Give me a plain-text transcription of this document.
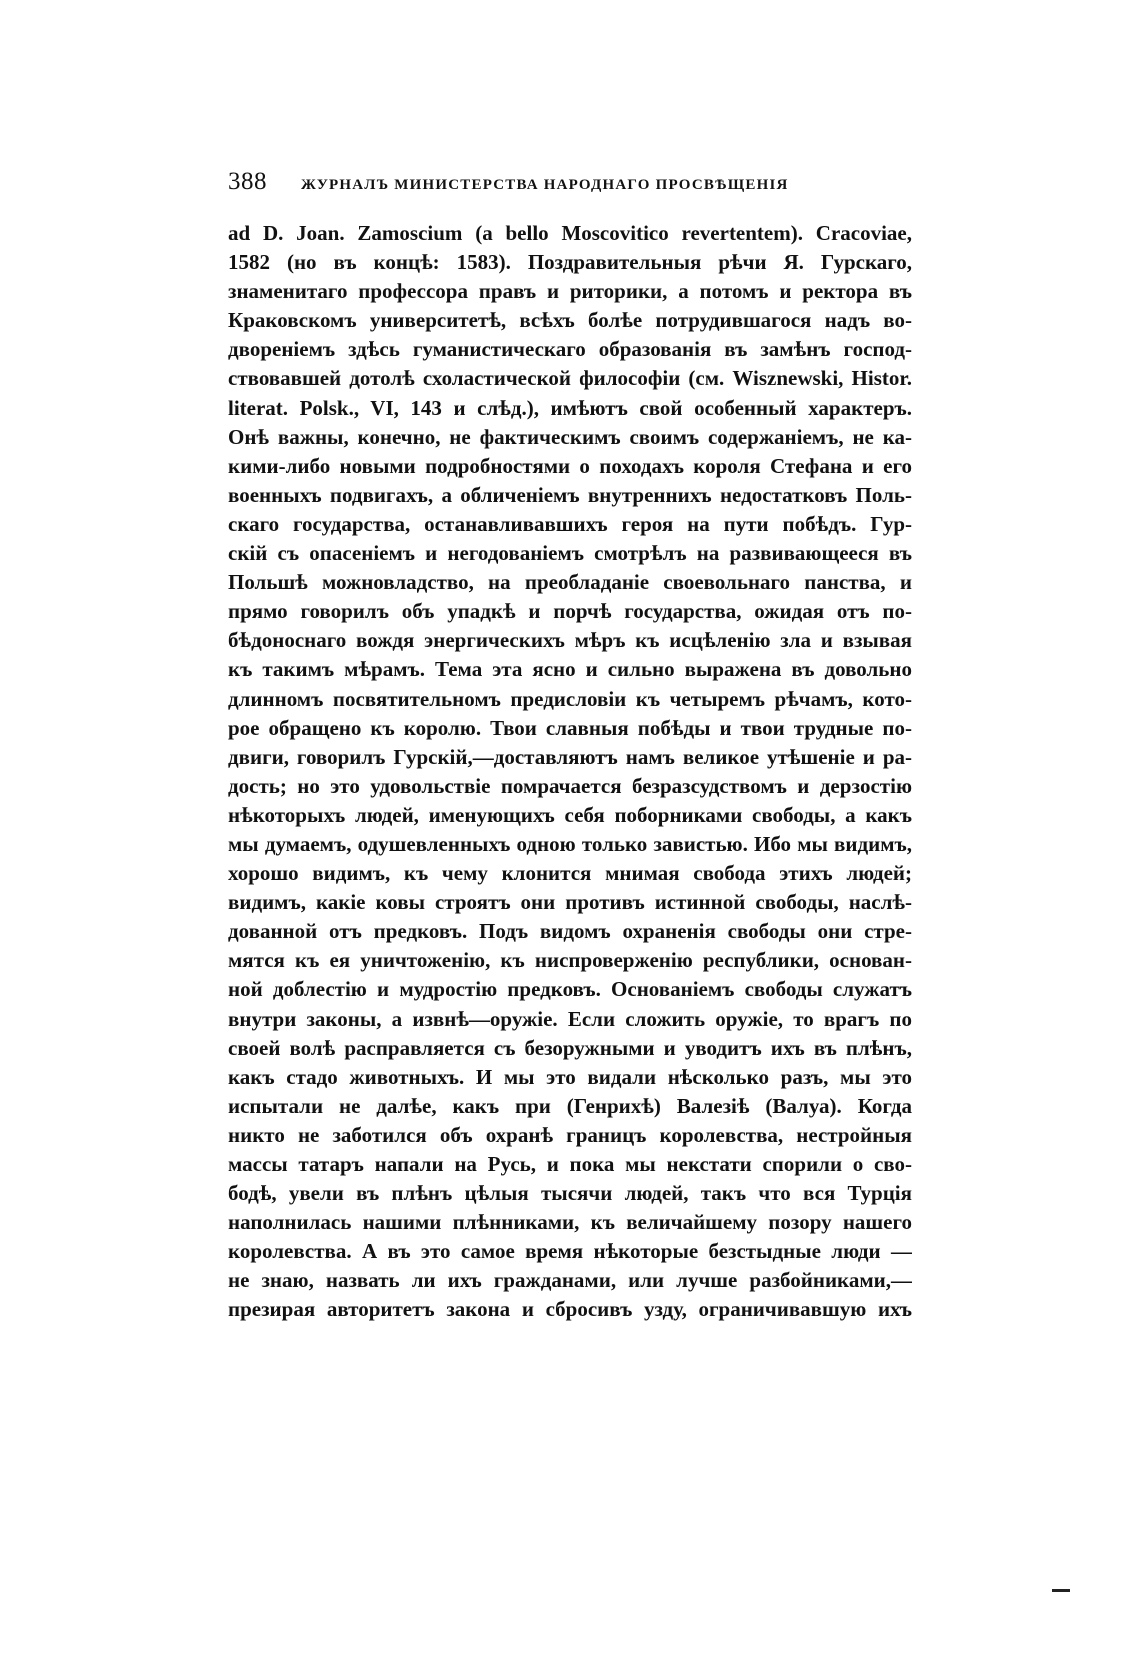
388 ЖУРНАЛЪ МИНИСТЕРСТВА НАРОДНАГО ПРОСВѢЩЕНІЯ
ad D. Joan. Zamoscium (a bello Moscovitico revertentem). Cracoviae,
1582 (но въ концѣ: 1583). Поздравительныя рѣчи Я. Гурскаго,
знаменитаго профессора правъ и риторики, а потомъ и ректора въ
Краковскомъ университетѣ, всѣхъ болѣе потрудившагося надъ во-
двореніемъ здѣсь гуманистическаго образованія въ замѣнъ господ-
ствовавшей дотолѣ схоластической философіи (см. Wisznewski, Histor.
literat. Polsk., VI, 143 и слѣд.), имѣютъ свой особенный характеръ.
Онѣ важны, конечно, не фактическимъ своимъ содержаніемъ, не ка-
кими-либо новыми подробностями о походахъ короля Стефана и его
военныхъ подвигахъ, а обличеніемъ внутреннихъ недостатковъ Поль-
скаго государства, останавливавшихъ героя на пути побѣдъ. Гур-
скій съ опасеніемъ и негодованіемъ смотрѣлъ на развивающееся въ
Польшѣ можновладство, на преобладаніе своевольнаго панства, и
прямо говорилъ объ упадкѣ и порчѣ государства, ожидая отъ по-
бѣдоноснаго вождя энергическихъ мѣръ къ исцѣленію зла и взывая
къ такимъ мѣрамъ. Тема эта ясно и сильно выражена въ довольно
длинномъ посвятительномъ предисловіи къ четыремъ рѣчамъ, кото-
рое обращено къ королю. Твои славныя побѣды и твои трудные по-
двиги, говорилъ Гурскій,—доставляютъ намъ великое утѣшеніе и ра-
дость; но это удовольствіе помрачается безразсудствомъ и дерзостію
нѣкоторыхъ людей, именующихъ себя поборниками свободы, а какъ
мы думаемъ, одушевленныхъ одною только завистью. Ибо мы видимъ,
хорошо видимъ, къ чему клонится мнимая свобода этихъ людей;
видимъ, какіе ковы строятъ они противъ истинной свободы, наслѣ-
дованной отъ предковъ. Подъ видомъ охраненія свободы они стре-
мятся къ ея уничтоженію, къ ниспроверженію республики, основан-
ной доблестію и мудростію предковъ. Основаніемъ свободы служатъ
внутри законы, а извнѣ—оружіе. Если сложить оружіе, то врагъ по
своей волѣ расправляется съ безоружными и уводитъ ихъ въ плѣнъ,
какъ стадо животныхъ. И мы это видали нѣсколько разъ, мы это
испытали не далѣе, какъ при (Генрихѣ) Валезіѣ (Валуа). Когда
никто не заботился объ охранѣ границъ королевства, нестройныя
массы татаръ напали на Русь, и пока мы некстати спорили о сво-
бодѣ, увели въ плѣнъ цѣлыя тысячи людей, такъ что вся Турція
наполнилась нашими плѣнниками, къ величайшему позору нашего
королевства. А въ это самое время нѣкоторые безстыдные люди —
не знаю, назвать ли ихъ гражданами, или лучше разбойниками,—
презирая авторитетъ закона и сбросивъ узду, ограничивавшую ихъ
